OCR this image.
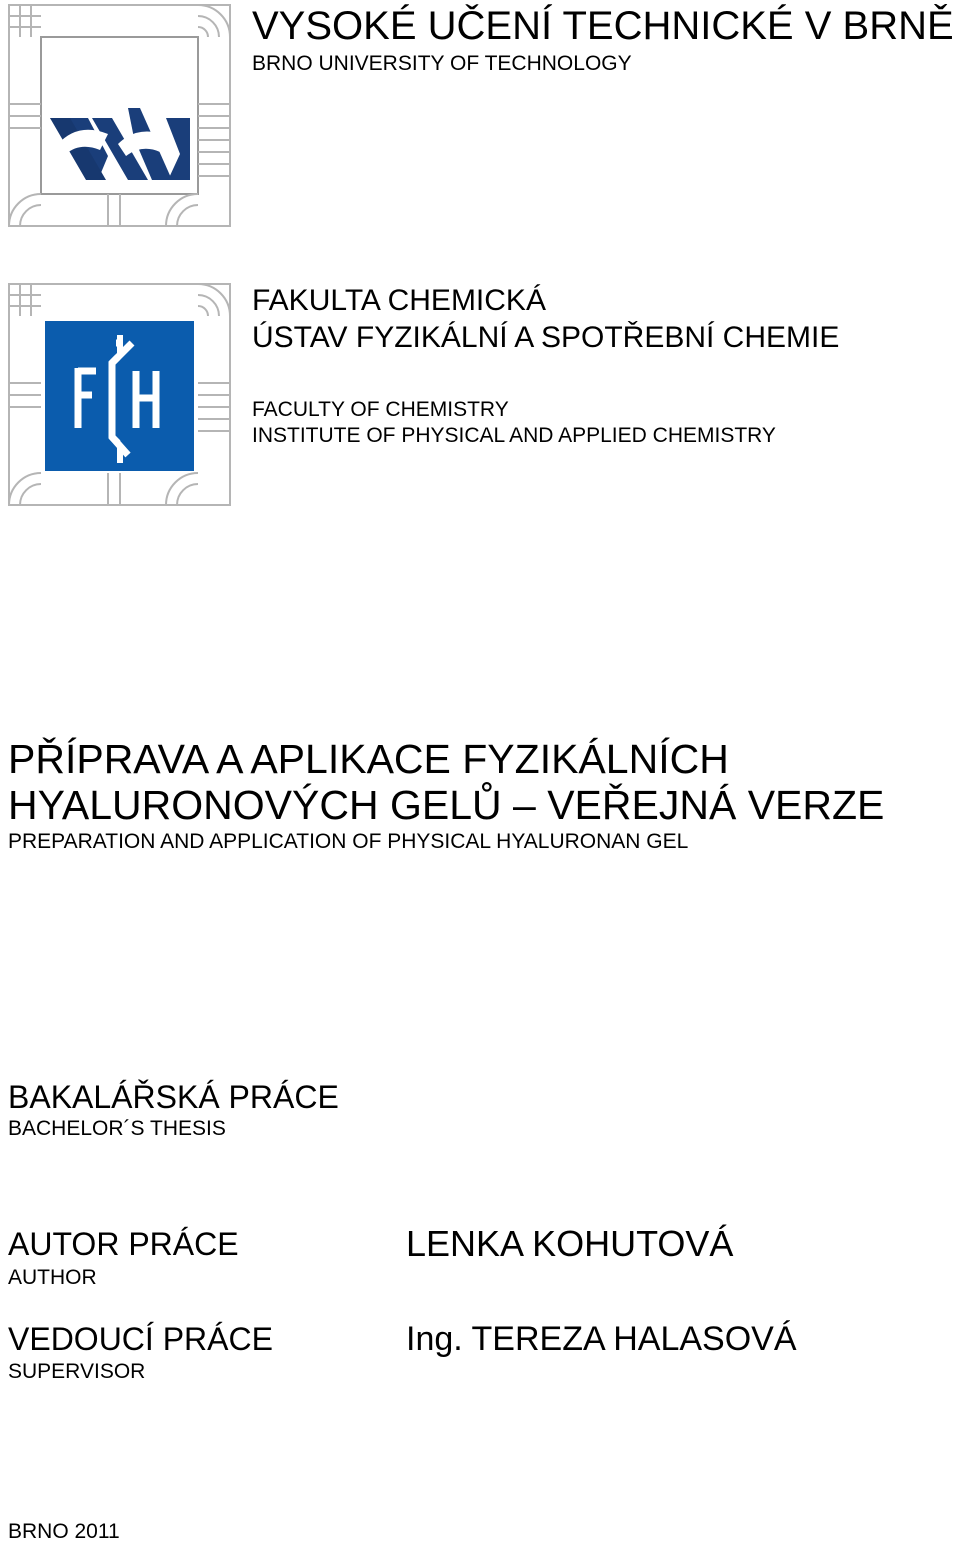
VYSOKÉ UČENÍ TECHNICKÉ V BRNĚ

BRNO UNIVERSITY OF TECHNOLOGY

FAKULTA CHEMICKÁ

ÚSTAV FYZIKÁLNÍ A SPOTŘEBNÍ CHEMIE

FACULTY OF CHEMISTRY

INSTITUTE OF PHYSICAL AND APPLIED CHEMISTRY

PŘÍPRAVA A APLIKACE FYZIKÁLNÍCH
HYALURONOVÝCH GELŮ – VEŘEJNÁ VERZE

PREPARATION AND APPLICATION OF PHYSICAL HYALURONAN GEL

BAKALÁŘSKÁ PRÁCE

BACHELOR´S THESIS

AUTOR PRÁCE

AUTHOR

LENKA KOHUTOVÁ

VEDOUCÍ PRÁCE

SUPERVISOR

Ing. TEREZA HALASOVÁ

BRNO 2011
